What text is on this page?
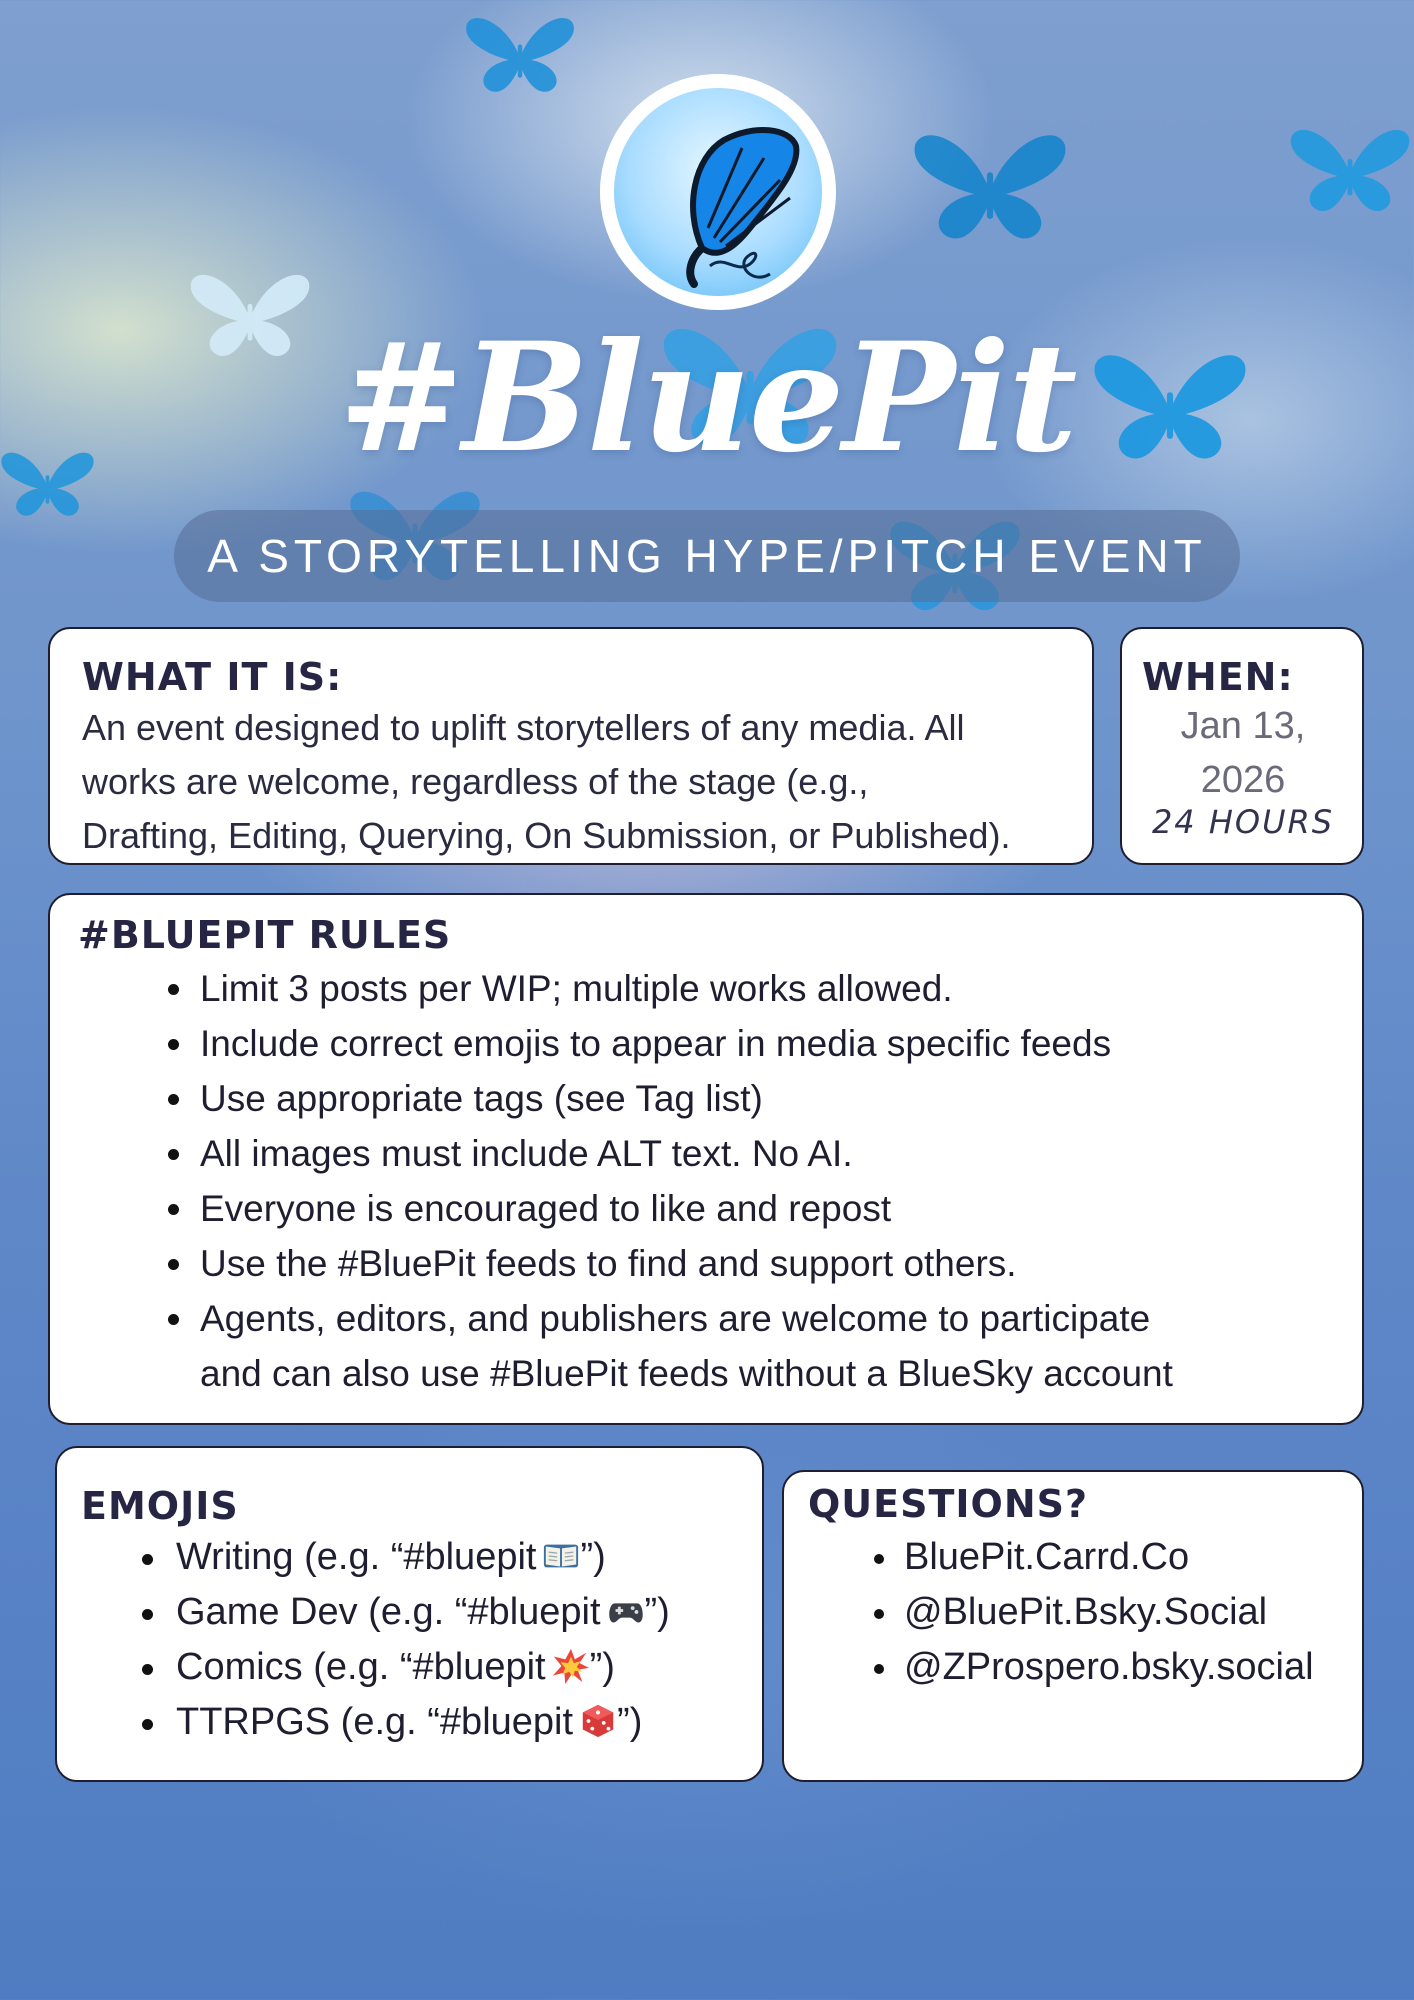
#BluePit
A STORYTELLING HYPE/PITCH EVENT
WHAT IT IS:
An event designed to uplift storytellers of any media. All
works are welcome, regardless of the stage (e.g.,
Drafting, Editing, Querying, On Submission, or Published).
WHEN:
Jan 13,
2026
24 HOURS
#BLUEPIT RULES
Limit 3 posts per WIP; multiple works allowed.
Include correct emojis to appear in media specific feeds
Use appropriate tags (see Tag list)
All images must include ALT text. No AI.
Everyone is encouraged to like and repost
Use the #BluePit feeds to find and support others.
Agents, editors, and publishers are welcome to participate
and can also use #BluePit feeds without a BlueSky account
EMOJIS
Writing (e.g. “#bluepit ”)
Game Dev (e.g. “#bluepit ”)
Comics (e.g. “#bluepit ”)
TTRPGS (e.g. “#bluepit ”)
QUESTIONS?
BluePit.Carrd.Co
@BluePit.Bsky.Social
@ZProspero.bsky.social
